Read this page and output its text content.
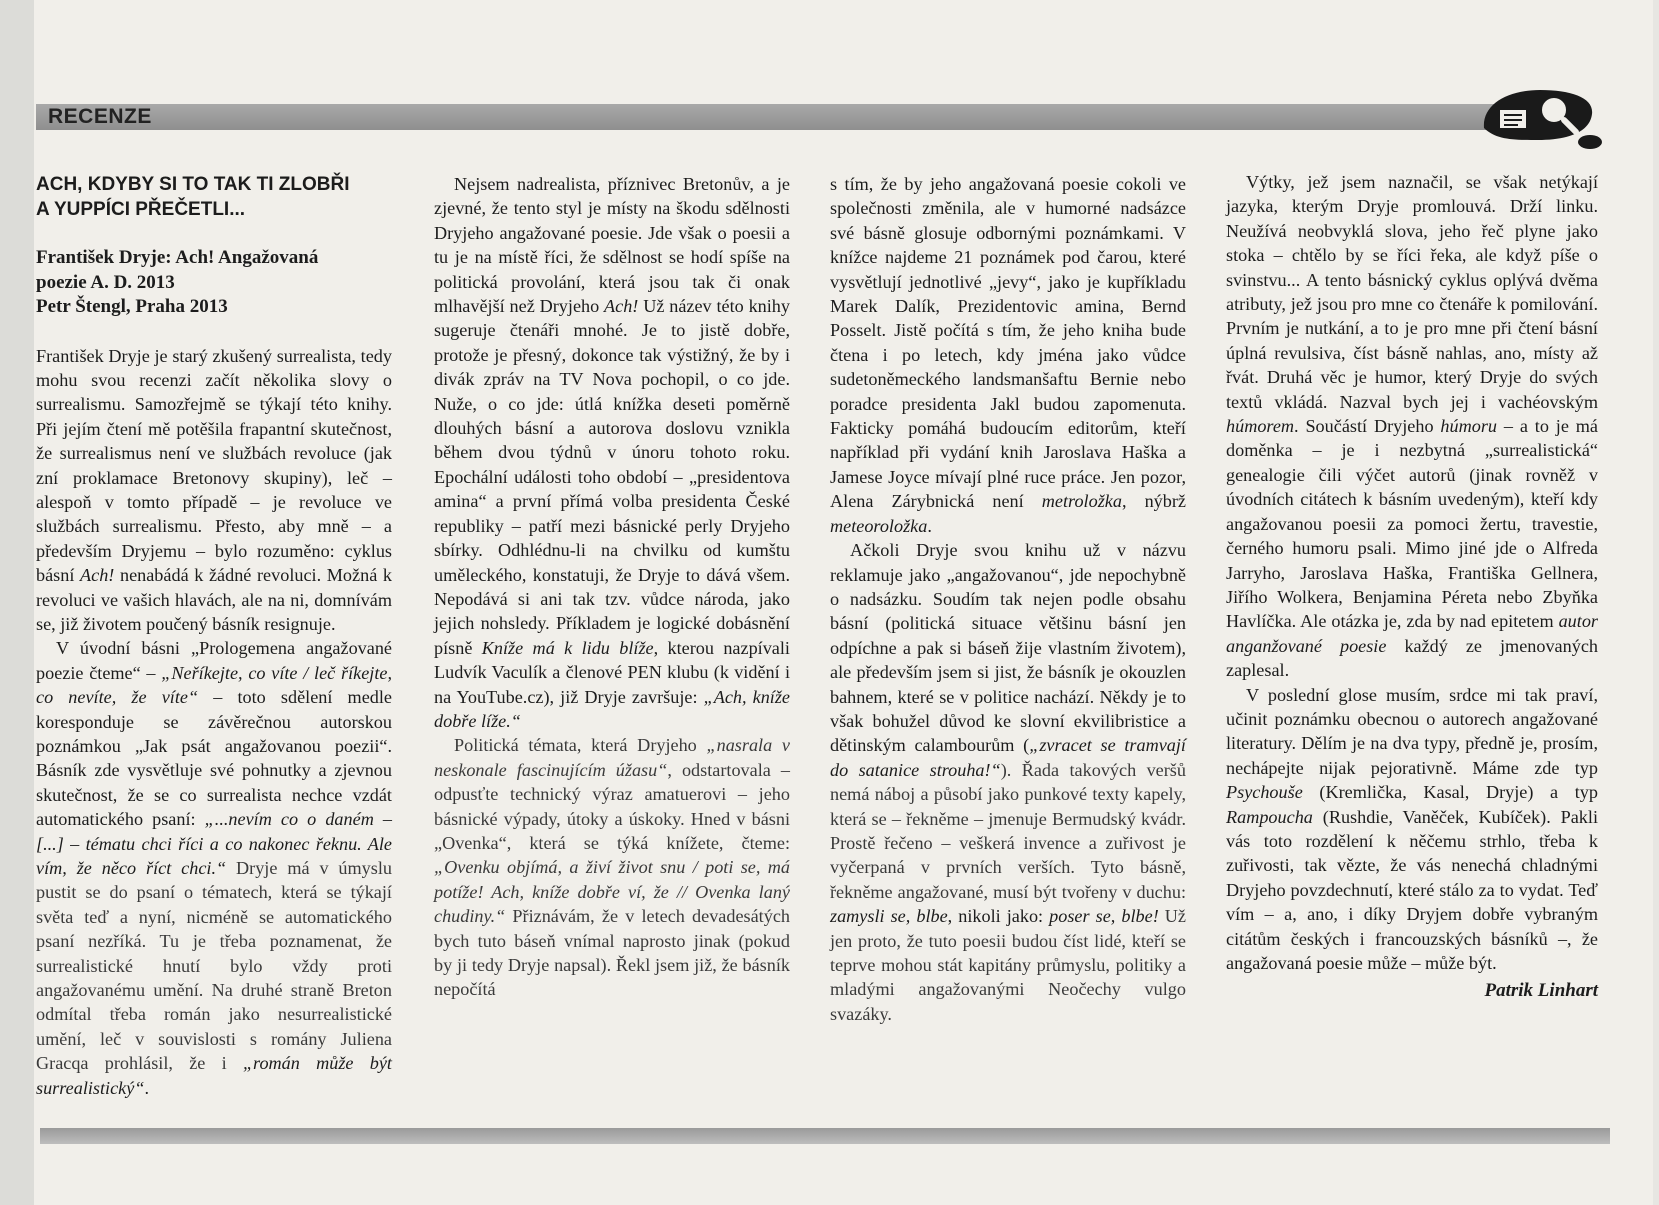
RECENZE
ACH, KDYBY SI TO TAK TI ZLOBŘI
A YUPPÍCI PŘEČETLI...
František Dryje: Ach! Angažovaná
poezie A. D. 2013
Petr Štengl, Praha 2013

František Dryje je starý zkušený surrealista, tedy mohu svou recenzi začít několika slovy o surrealismu. Samozřejmě se týkají této knihy. Při jejím čtení mě potěšila frapantní skutečnost, že surrealismus není ve službách revoluce (jak zní proklamace Bretonovy skupiny), leč – alespoň v tomto případě – je revoluce ve službách surrealismu. Přesto, aby mně – a především Dryjemu – bylo rozuměno: cyklus básní Ach! nenabádá k žádné revoluci. Možná k revoluci ve vašich hlavách, ale na ni, domnívám se, již životem poučený básník resignuje.

V úvodní básni „Prologemena angažované poezie čteme“ – „Neříkejte, co víte / leč říkejte, co nevíte, že víte“ – toto sdělení medle koresponduje se závěrečnou autorskou poznámkou „Jak psát angažovanou poezii“. Básník zde vysvětluje své pohnutky a zjevnou skutečnost, že se co surrealista nechce vzdát automatického psaní: „...nevím co o daném – [...] – tématu chci říci a co nakonec řeknu. Ale vím, že něco říct chci.“ Dryje má v úmyslu pustit se do psaní o tématech, která se týkají světa teď a nyní, nicméně se automatického psaní nezříká. Tu je třeba poznamenat, že surrealistické hnutí bylo vždy proti angažovanému umění. Na druhé straně Breton odmítal třeba román jako nesurrealistické umění, leč v souvislosti s romány Julienа Gracqa prohlásil, že i „román může být surrealistický“.

Nejsem nadrealista, příznivec Bretonův, a je zjevné, že tento styl je místy na škodu sdělnosti Dryjeho angažované poesie. Jde však o poesii a tu je na místě říci, že sdělnost se hodí spíše na politická provolání, která jsou tak či onak mlhavější než Dryjeho Ach! Už název této knihy sugeruje čtenáři mnohé. Je to jistě dobře, protože je přesný, dokonce tak výstižný, že by i divák zpráv na TV Nova pochopil, o co jde. Nuže, o co jde: útlá knížka deseti poměrně dlouhých básní a autorova doslovu vznikla během dvou týdnů v únoru tohoto roku. Epochální události toho období – „presidentova amina“ a první přímá volba presidenta České republiky – patří mezi básnické perly Dryjeho sbírky. Odhlédnu-li na chvilku od kumštu uměleckého, konstatuji, že Dryje to dává všem. Nepodává si ani tak tzv. vůdce národa, jako jejich nohsledy. Příkladem je logické dobásnění písně Kníže má k lidu blíže, kterou nazpívali Ludvík Vaculík a členové PEN klubu (k vidění i na YouTube.cz), již Dryje završuje: „Ach, kníže dobře líže.“

Politická témata, která Dryjeho „nasrala v neskonale fascinujícím úžasu“, odstartovala – odpusťte technický výraz amatuerovi – jeho básnické výpady, útoky a úskoky. Hned v básni „Ovenka“, která se týká knížete, čteme: „Ovenku objímá, a živí život snu / poti se, má potíže! Ach, kníže dobře ví, že // Ovenka laný chudiny.“ Přiznávám, že v letech devadesátých bych tuto báseň vnímal naprosto jinak (pokud by ji tedy Dryje napsal). Řekl jsem již, že básník nepočítá

s tím, že by jeho angažovaná poesie cokoli ve společnosti změnila, ale v humorné nadsázce své básně glosuje odbornými poznámkami. V knížce najdeme 21 poznámek pod čarou, které vysvětlují jednotlivé „jevy“, jako je kupříkladu Marek Dalík, Prezidentovic amina, Bernd Posselt. Jistě počítá s tím, že jeho kniha bude čtena i po letech, kdy jména jako vůdce sudetoněmeckého landsmanšaftu Bernie nebo poradce presidenta Jakl budou zapomenuta. Fakticky pomáhá budoucím editorům, kteří například při vydání knih Jaroslava Haška a Jamese Joyce mívají plné ruce práce. Jen pozor, Alena Zárybnická není metroložka, nýbrž meteoroložka.

Ačkoli Dryje svou knihu už v názvu reklamuje jako „angažovanou“, jde nepochybně o nadsázku. Soudím tak nejen podle obsahu básní (politická situace většinu básní jen odpíchne a pak si báseň žije vlastním životem), ale především jsem si jist, že básník je okouzlen bahnem, které se v politice nachází. Někdy je to však bohužel důvod ke slovní ekvilibristice a dětinským calambourům („zvracet se tramvají do satanice strouha!“). Řada takových veršů nemá náboj a působí jako punkové texty kapely, která se – řekněme – jmenuje Bermudský kvádr. Prostě řečeno – veškerá invence a zuřivost je vyčerpaná v prvních verších. Tyto básně, řekněme angažované, musí být tvořeny v duchu: zamysli se, blbe, nikoli jako: poser se, blbe! Už jen proto, že tuto poesii budou číst lidé, kteří se teprve mohou stát kapitány průmyslu, politiky a mladými angažovanými Neočechy vulgo svazáky.

Výtky, jež jsem naznačil, se však netýkají jazyka, kterým Dryje promlouvá. Drží linku. Neužívá neobvyklá slova, jeho řeč plyne jako stoka – chtělo by se říci řeka, ale když píše o svinstvu... A tento básnický cyklus oplývá dvěma atributy, jež jsou pro mne co čtenáře k pomilování. Prvním je nutkání, a to je pro mne při čtení básní úplná revulsiva, číst básně nahlas, ano, místy až řvát. Druhá věc je humor, který Dryje do svých textů vkládá. Nazval bych jej i vachéovským húmorem. Součástí Dryjeho húmoru – a to je má doměnka – je i nezbytná „surrealistická“ genealogie čili výčet autorů (jinak rovněž v úvodních citátech k básním uvedeným), kteří kdy angažovanou poesii za pomoci žertu, travestie, černého humoru psali. Mimo jiné jde o Alfreda Jarryho, Jaroslava Haška, Františka Gellnera, Jiřího Wolkera, Benjamina Péreta nebo Zbyňka Havlíčka. Ale otázka je, zda by nad epitetem autor anganžované poesie každý ze jmenovaných zaplesal.

V poslední glose musím, srdce mi tak praví, učinit poznámku obecnou o autorech angažované literatury. Dělím je na dva typy, předně je, prosím, nechápejte nijak pejorativně. Máme zde typ Psychouše (Kremlička, Kasal, Dryje) a typ Rampoucha (Rushdie, Vaněček, Kubíček). Pakli vás toto rozdělení k něčemu strhlo, třeba k zuřivosti, tak vězte, že vás nenechá chladnými Dryjeho povzdechnutí, které stálo za to vydat. Teď vím – a, ano, i díky Dryjem dobře vybraným citátům českých i francouzských básníků –, že angažovaná poesie může – může být.

Patrik Linhart
